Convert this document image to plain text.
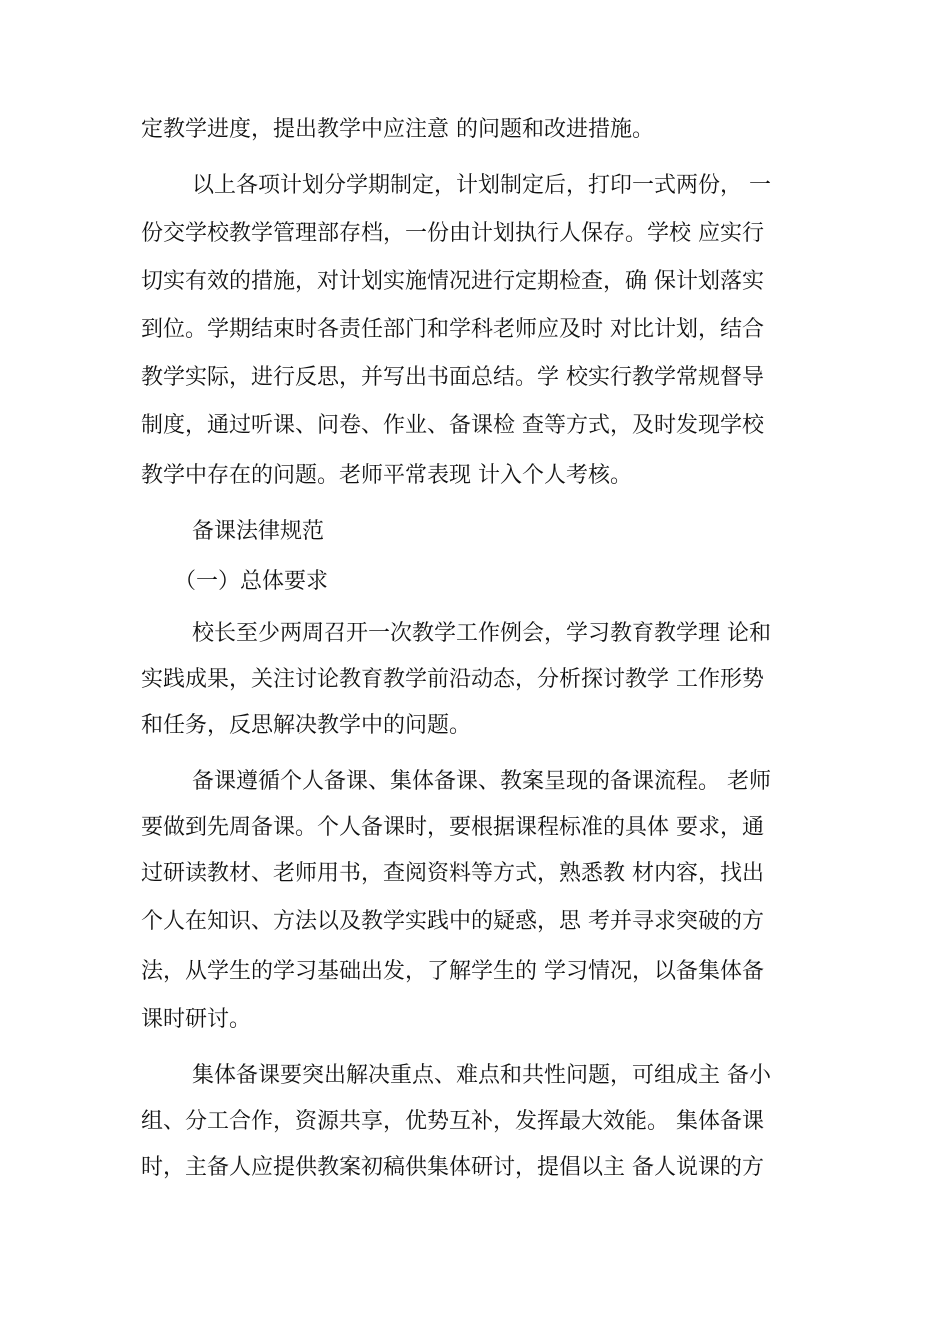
定教学进度，提出教学中应注意 的问题和改进措施。
以上各项计划分学期制定，计划制定后，打印一式两份， 一
份交学校教学管理部存档，一份由计划执行人保存。学校 应实行
切实有效的措施，对计划实施情况进行定期检查，确 保计划落实
到位。学期结束时各责任部门和学科老师应及时 对比计划，结合
教学实际，进行反思，并写出书面总结。学 校实行教学常规督导
制度，通过听课、问卷、作业、备课检 查等方式，及时发现学校
教学中存在的问题。老师平常表现 计入个人考核。
备课法律规范
（一）总体要求
校长至少两周召开一次教学工作例会，学习教育教学理 论和
实践成果，关注讨论教育教学前沿动态，分析探讨教学 工作形势
和任务，反思解决教学中的问题。
备课遵循个人备课、集体备课、教案呈现的备课流程。 老师
要做到先周备课。个人备课时，要根据课程标准的具体 要求，通
过研读教材、老师用书，查阅资料等方式，熟悉教 材内容，找出
个人在知识、方法以及教学实践中的疑惑，思 考并寻求突破的方
法，从学生的学习基础出发，了解学生的 学习情况，以备集体备
课时研讨。
集体备课要突出解决重点、难点和共性问题，可组成主 备小
组、分工合作，资源共享，优势互补，发挥最大效能。 集体备课
时，主备人应提供教案初稿供集体研讨，提倡以主 备人说课的方
